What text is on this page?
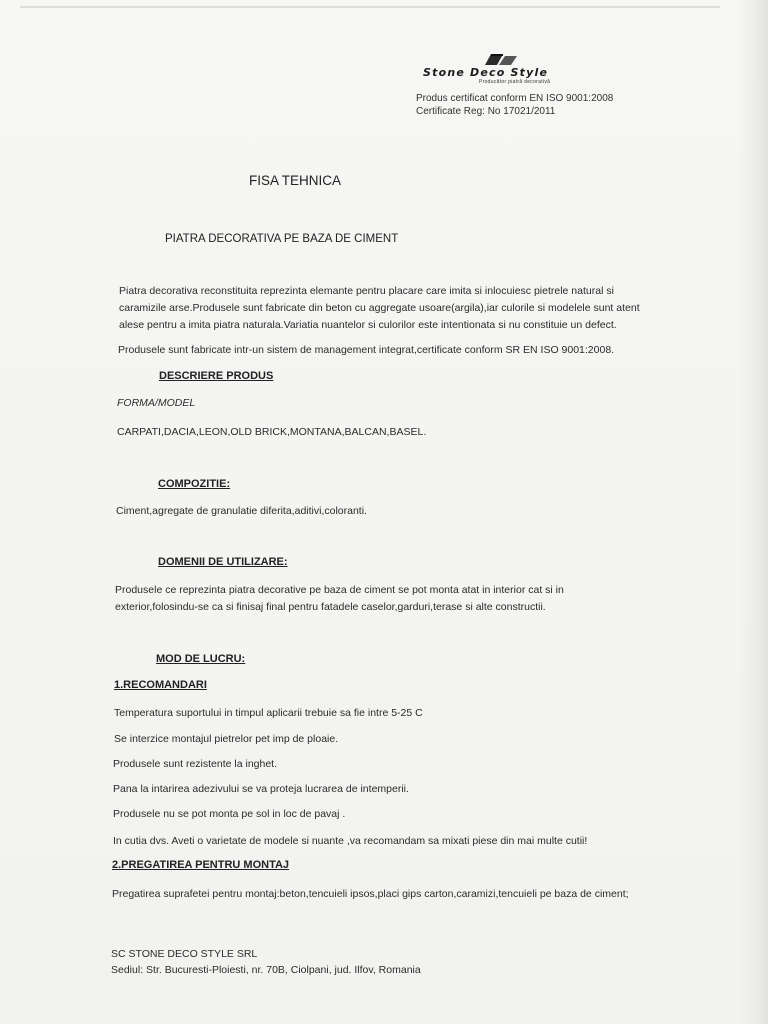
Stone Deco Style
Producător piatră decorativă
Produs certificat conform EN ISO 9001:2008
Certificate Reg: No 17021/2011
FISA TEHNICA
PIATRA DECORATIVA PE BAZA DE CIMENT
Piatra decorativa reconstituita reprezinta elemante pentru placare care imita si inlocuiesc pietrele natural si
caramizile arse.Produsele sunt fabricate din beton cu aggregate usoare(argila),iar culorile si modelele sunt atent
alese pentru a imita piatra naturala.Variatia nuantelor si culorilor este intentionata si nu constituie un defect.
Produsele sunt fabricate intr-un sistem de management integrat,certificate conform SR EN ISO 9001:2008.
DESCRIERE PRODUS
FORMA/MODEL
CARPATI,DACIA,LEON,OLD BRICK,MONTANA,BALCAN,BASEL.
COMPOZITIE:
Ciment,agregate de granulatie diferita,aditivi,coloranti.
DOMENII DE UTILIZARE:
Produsele ce reprezinta piatra decorative pe baza de ciment se pot monta atat in interior cat si in
exterior,folosindu-se ca si finisaj final pentru fatadele caselor,garduri,terase si alte constructii.
MOD DE LUCRU:
1.RECOMANDARI
Temperatura suportului in timpul aplicarii trebuie sa fie intre 5-25 C
Se interzice montajul pietrelor pet imp de ploaie.
Produsele sunt rezistente la inghet.
Pana la intarirea adezivului se va proteja lucrarea de intemperii.
Produsele nu se pot monta pe sol in loc de pavaj .
In cutia dvs. Aveti o varietate de modele si nuante ,va recomandam sa mixati piese din mai multe cutii!
2.PREGATIREA PENTRU MONTAJ
Pregatirea suprafetei pentru montaj:beton,tencuieli ipsos,placi gips carton,caramizi,tencuieli pe baza de ciment;
SC STONE DECO STYLE SRL
Sediul: Str. Bucuresti-Ploiesti, nr. 70B, Ciolpani, jud. Ilfov, Romania
